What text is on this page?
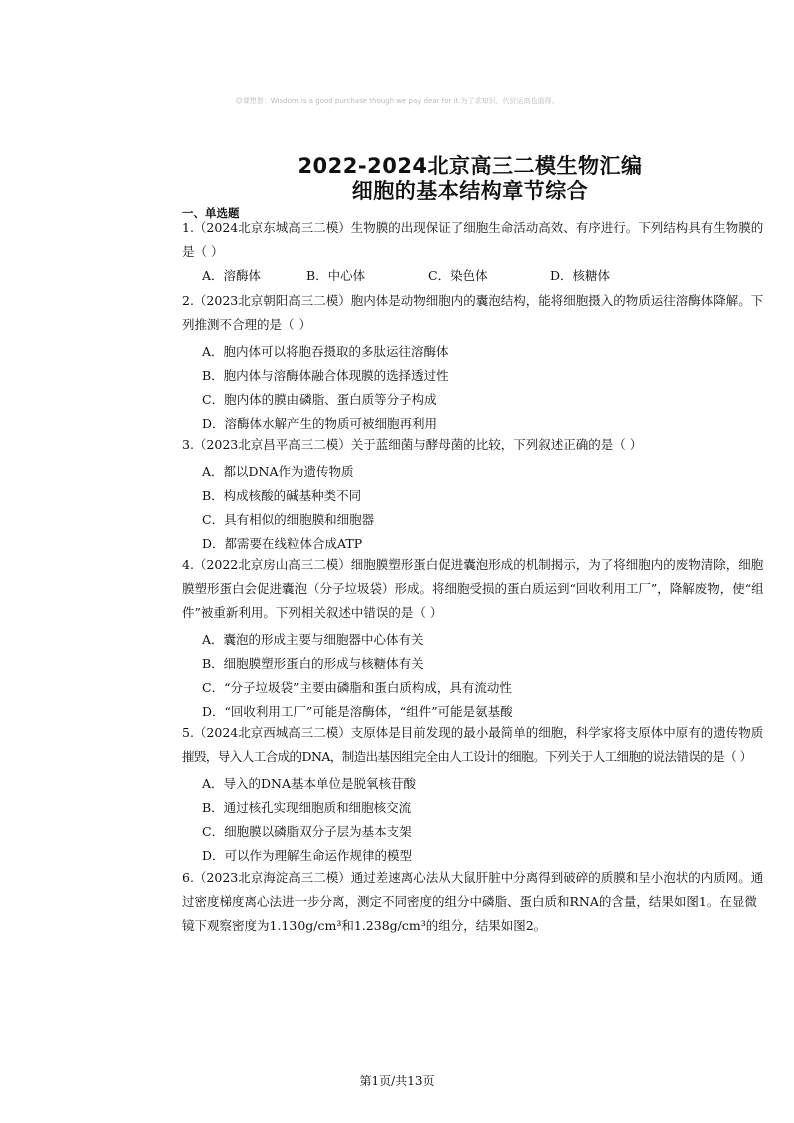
☺课想智：Wisdom is a good purchase though we pay dear for it.为了求知识，代价运高也值得。
2022-2024北京高三二模生物汇编
细胞的基本结构章节综合
一、单选题
1.（2024北京东城高三二模）生物膜的出现保证了细胞生命活动高效、有序进行。下列结构具有生物膜的
是（ ）
A．溶酶体	B．中心体	C．染色体	D．核糖体
2.（2023北京朝阳高三二模）胞内体是动物细胞内的囊泡结构，能将细胞摄入的物质运往溶酶体降解。下
列推测不合理的是（ ）
A．胞内体可以将胞吞摄取的多肽运往溶酶体
B．胞内体与溶酶体融合体现膜的选择透过性
C．胞内体的膜由磷脂、蛋白质等分子构成
D．溶酶体水解产生的物质可被细胞再利用
3.（2023北京昌平高三二模）关于蓝细菌与酵母菌的比较，下列叙述正确的是（ ）
A．都以DNA作为遗传物质
B．构成核酸的碱基种类不同
C．具有相似的细胞膜和细胞器
D．都需要在线粒体合成ATP
4.（2022北京房山高三二模）细胞膜塑形蛋白促进囊泡形成的机制揭示，为了将细胞内的废物清除，细胞
膜塑形蛋白会促进囊泡（分子垃圾袋）形成。将细胞受损的蛋白质运到“回收利用工厂”，降解废物，使“组
件”被重新利用。下列相关叙述中错误的是（ ）
A．囊泡的形成主要与细胞器中心体有关
B．细胞膜塑形蛋白的形成与核糖体有关
C．“分子垃圾袋”主要由磷脂和蛋白质构成，具有流动性
D．“回收利用工厂”可能是溶酶体，“组件”可能是氨基酸
5.（2024北京西城高三二模）支原体是目前发现的最小最简单的细胞，科学家将支原体中原有的遗传物质
摧毁，导入人工合成的DNA，制造出基因组完全由人工设计的细胞。下列关于人工细胞的说法错误的是（ ）
A．导入的DNA基本单位是脱氧核苷酸
B．通过核孔实现细胞质和细胞核交流
C．细胞膜以磷脂双分子层为基本支架
D．可以作为理解生命运作规律的模型
6.（2023北京海淀高三二模）通过差速离心法从大鼠肝脏中分离得到破碎的质膜和呈小泡状的内质网。通
过密度梯度离心法进一步分离，测定不同密度的组分中磷脂、蛋白质和RNA的含量，结果如图1。在显微
镜下观察密度为1.130g/cm³和1.238g/cm³的组分，结果如图2。
第1页/共13页
